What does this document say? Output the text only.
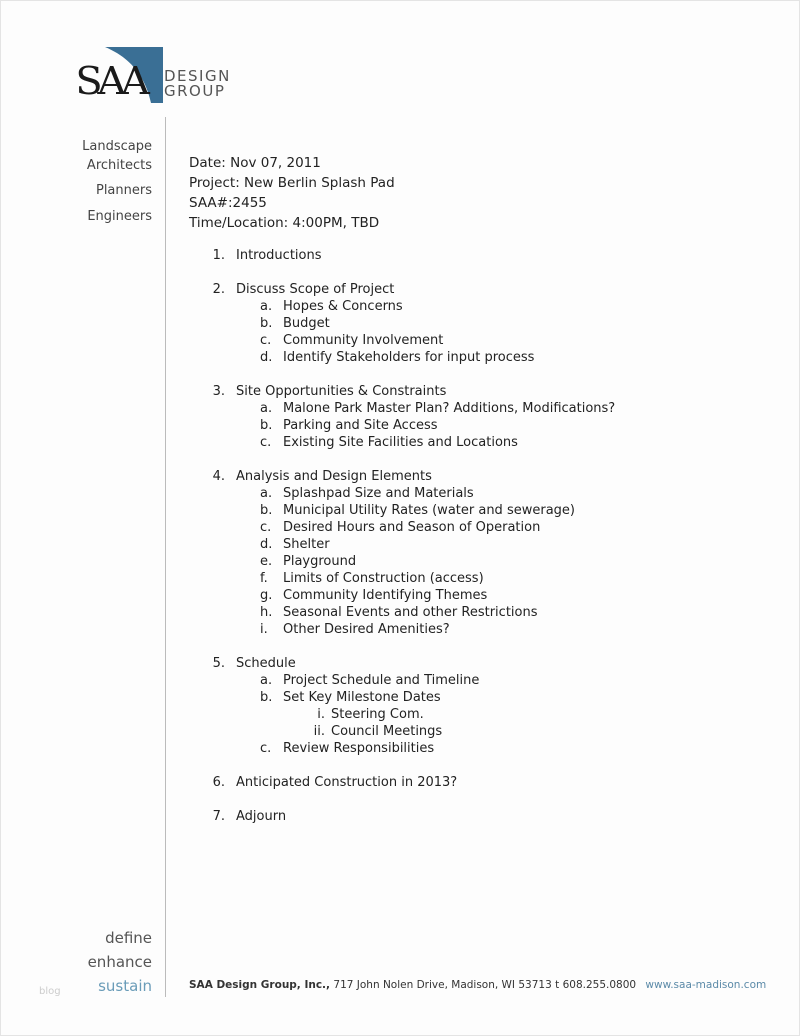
SAA DESIGN
GROUP
Landscape
Architects
Planners
Engineers
define
enhance
sustain
blog
Date: Nov 07, 2011
Project: New Berlin Splash Pad
SAA#:2455
Time/Location: 4:00PM, TBD
1. Introductions
2. Discuss Scope of Project
a. Hopes & Concerns
b. Budget
c. Community Involvement
d. Identify Stakeholders for input process
3. Site Opportunities & Constraints
a. Malone Park Master Plan? Additions, Modifications?
b. Parking and Site Access
c. Existing Site Facilities and Locations
4. Analysis and Design Elements
a. Splashpad Size and Materials
b. Municipal Utility Rates (water and sewerage)
c. Desired Hours and Season of Operation
d. Shelter
e. Playground
f.	Limits of Construction (access)
g. Community Identifying Themes
h. Seasonal Events and other Restrictions
i.	Other Desired Amenities?
5. Schedule
a. Project Schedule and Timeline
b. Set Key Milestone Dates
i. Steering Com.
ii. Council Meetings
c. Review Responsibilities
6. Anticipated Construction in 2013?
7. Adjourn
SAA Design Group, Inc., 717 John Nolen Drive, Madison, WI 53713 t 608.255.0800 www.saa-madison.com
